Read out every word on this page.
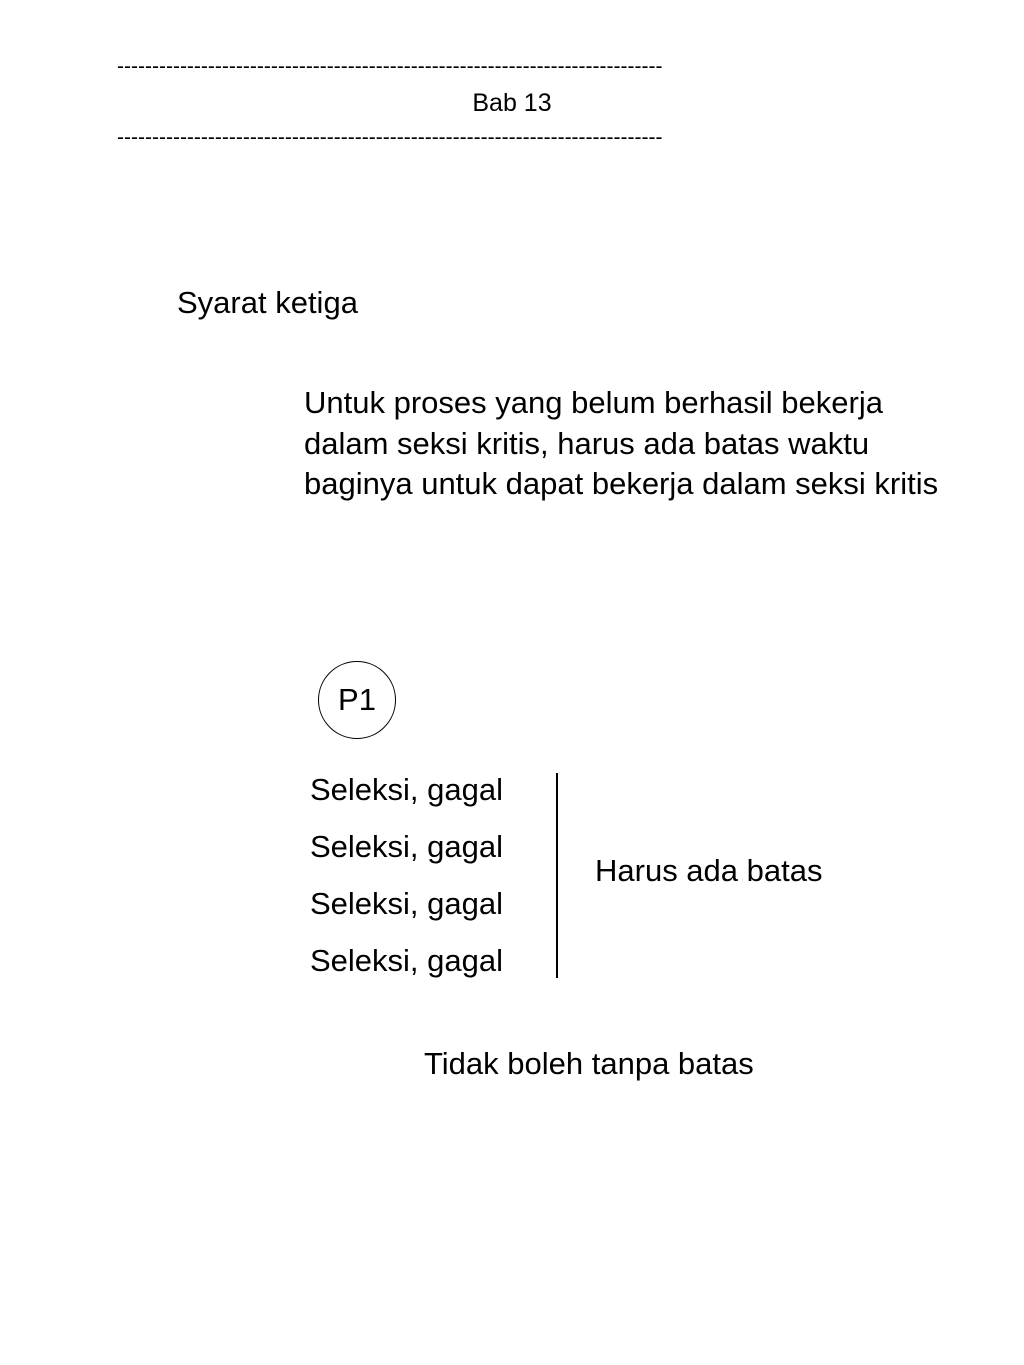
------------------------------------------------------------------------------
Bab 13
------------------------------------------------------------------------------
Syarat ketiga
Untuk proses yang belum berhasil bekerja dalam seksi kritis, harus ada batas waktu baginya untuk dapat bekerja dalam seksi kritis
P1
Seleksi, gagal
Seleksi, gagal
Seleksi, gagal
Seleksi, gagal
Harus ada batas
Tidak boleh tanpa batas
